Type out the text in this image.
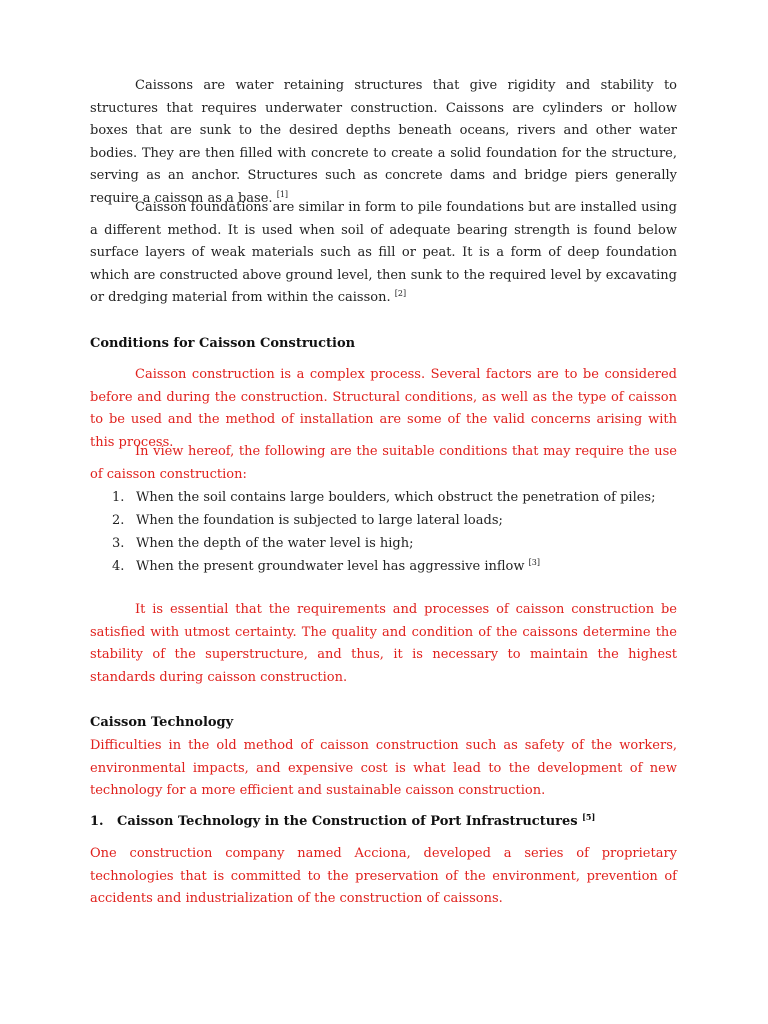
Caissons are water retaining structures that give rigidity and stability to structures that requires underwater construction. Caissons are cylinders or hollow boxes that are sunk to the desired depths beneath oceans, rivers and other water bodies. They are then filled with concrete to create a solid foundation for the structure, serving as an anchor. Structures such as concrete dams and bridge piers generally require a caisson as a base. [1]

Caisson foundations are similar in form to pile foundations but are installed using a different method. It is used when soil of adequate bearing strength is found below surface layers of weak materials such as fill or peat. It is a form of deep foundation which are constructed above ground level, then sunk to the required level by excavating or dredging material from within the caisson. [2]

Conditions for Caisson Construction

Caisson construction is a complex process. Several factors are to be considered before and during the construction. Structural conditions, as well as the type of caisson to be used and the method of installation are some of the valid concerns arising with this process.

In view hereof, the following are the suitable conditions that may require the use of caisson construction:

1. When the soil contains large boulders, which obstruct the penetration of piles;
2. When the foundation is subjected to large lateral loads;
3. When the depth of the water level is high;
4. When the present groundwater level has aggressive inflow [3]

It is essential that the requirements and processes of caisson construction be satisfied with utmost certainty. The quality and condition of the caissons determine the stability of the superstructure, and thus, it is necessary to maintain the highest standards during caisson construction.

Caisson Technology

Difficulties in the old method of caisson construction such as safety of the workers, environmental impacts, and expensive cost is what lead to the development of new technology for a more efficient and sustainable caisson construction.

1. Caisson Technology in the Construction of Port Infrastructures [5]

One construction company named Acciona, developed a series of proprietary technologies that is committed to the preservation of the environment, prevention of accidents and industrialization of the construction of caissons.
